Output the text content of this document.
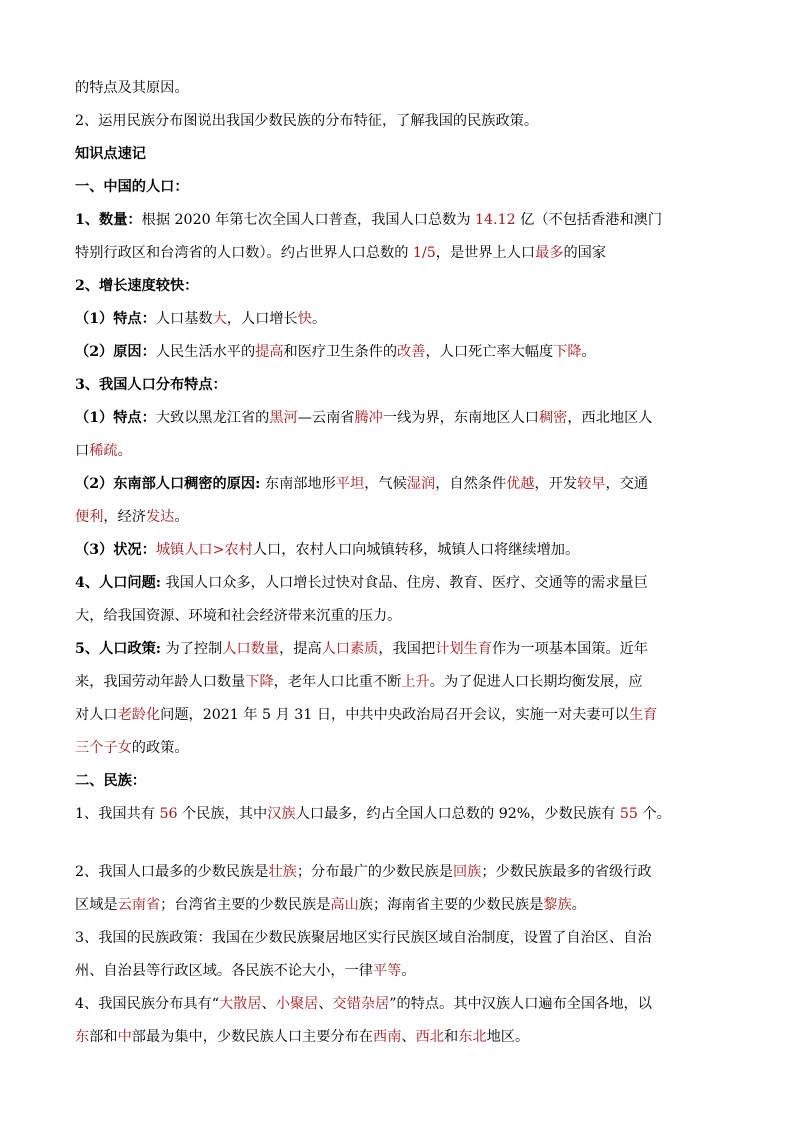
的特点及其原因。
2、运用民族分布图说出我国少数民族的分布特征，了解我国的民族政策。
知识点速记
一、中国的人口：
1、数量：根据 2020 年第七次全国人口普查，我国人口总数为 14.12 亿（不包括香港和澳门
特别行政区和台湾省的人口数）。约占世界人口总数的 1/5，是世界上人口最多的国家
2、增长速度较快：
（1）特点：人口基数大，人口增长快。
（2）原因：人民生活水平的提高和医疗卫生条件的改善，人口死亡率大幅度下降。
3、我国人口分布特点：
（1）特点：大致以黑龙江省的黑河—云南省腾冲一线为界，东南地区人口稠密，西北地区人
口稀疏。
（2）东南部人口稠密的原因: 东南部地形平坦，气候湿润，自然条件优越，开发较早，交通
便利，经济发达。
（3）状况：城镇人口>农村人口，农村人口向城镇转移，城镇人口将继续增加。
4、人口问题: 我国人口众多，人口增长过快对食品、住房、教育、医疗、交通等的需求量巨
大，给我国资源、环境和社会经济带来沉重的压力。
5、人口政策: 为了控制人口数量，提高人口素质，我国把计划生育作为一项基本国策。近年
来，我国劳动年龄人口数量下降，老年人口比重不断上升。为了促进人口长期均衡发展，应
对人口老龄化问题，2021 年 5 月 31 日，中共中央政治局召开会议，实施一对夫妻可以生育
三个子女的政策。
二、民族：
1、我国共有 56 个民族，其中汉族人口最多，约占全国人口总数的 92%，少数民族有 55 个。
2、我国人口最多的少数民族是壮族；分布最广的少数民族是回族；少数民族最多的省级行政
区域是云南省；台湾省主要的少数民族是高山族；海南省主要的少数民族是黎族。
3、我国的民族政策：我国在少数民族聚居地区实行民族区域自治制度，设置了自治区、自治
州、自治县等行政区域。各民族不论大小，一律平等。
4、我国民族分布具有“大散居、小聚居、交错杂居”的特点。其中汉族人口遍布全国各地，以
东部和中部最为集中，少数民族人口主要分布在西南、西北和东北地区。
